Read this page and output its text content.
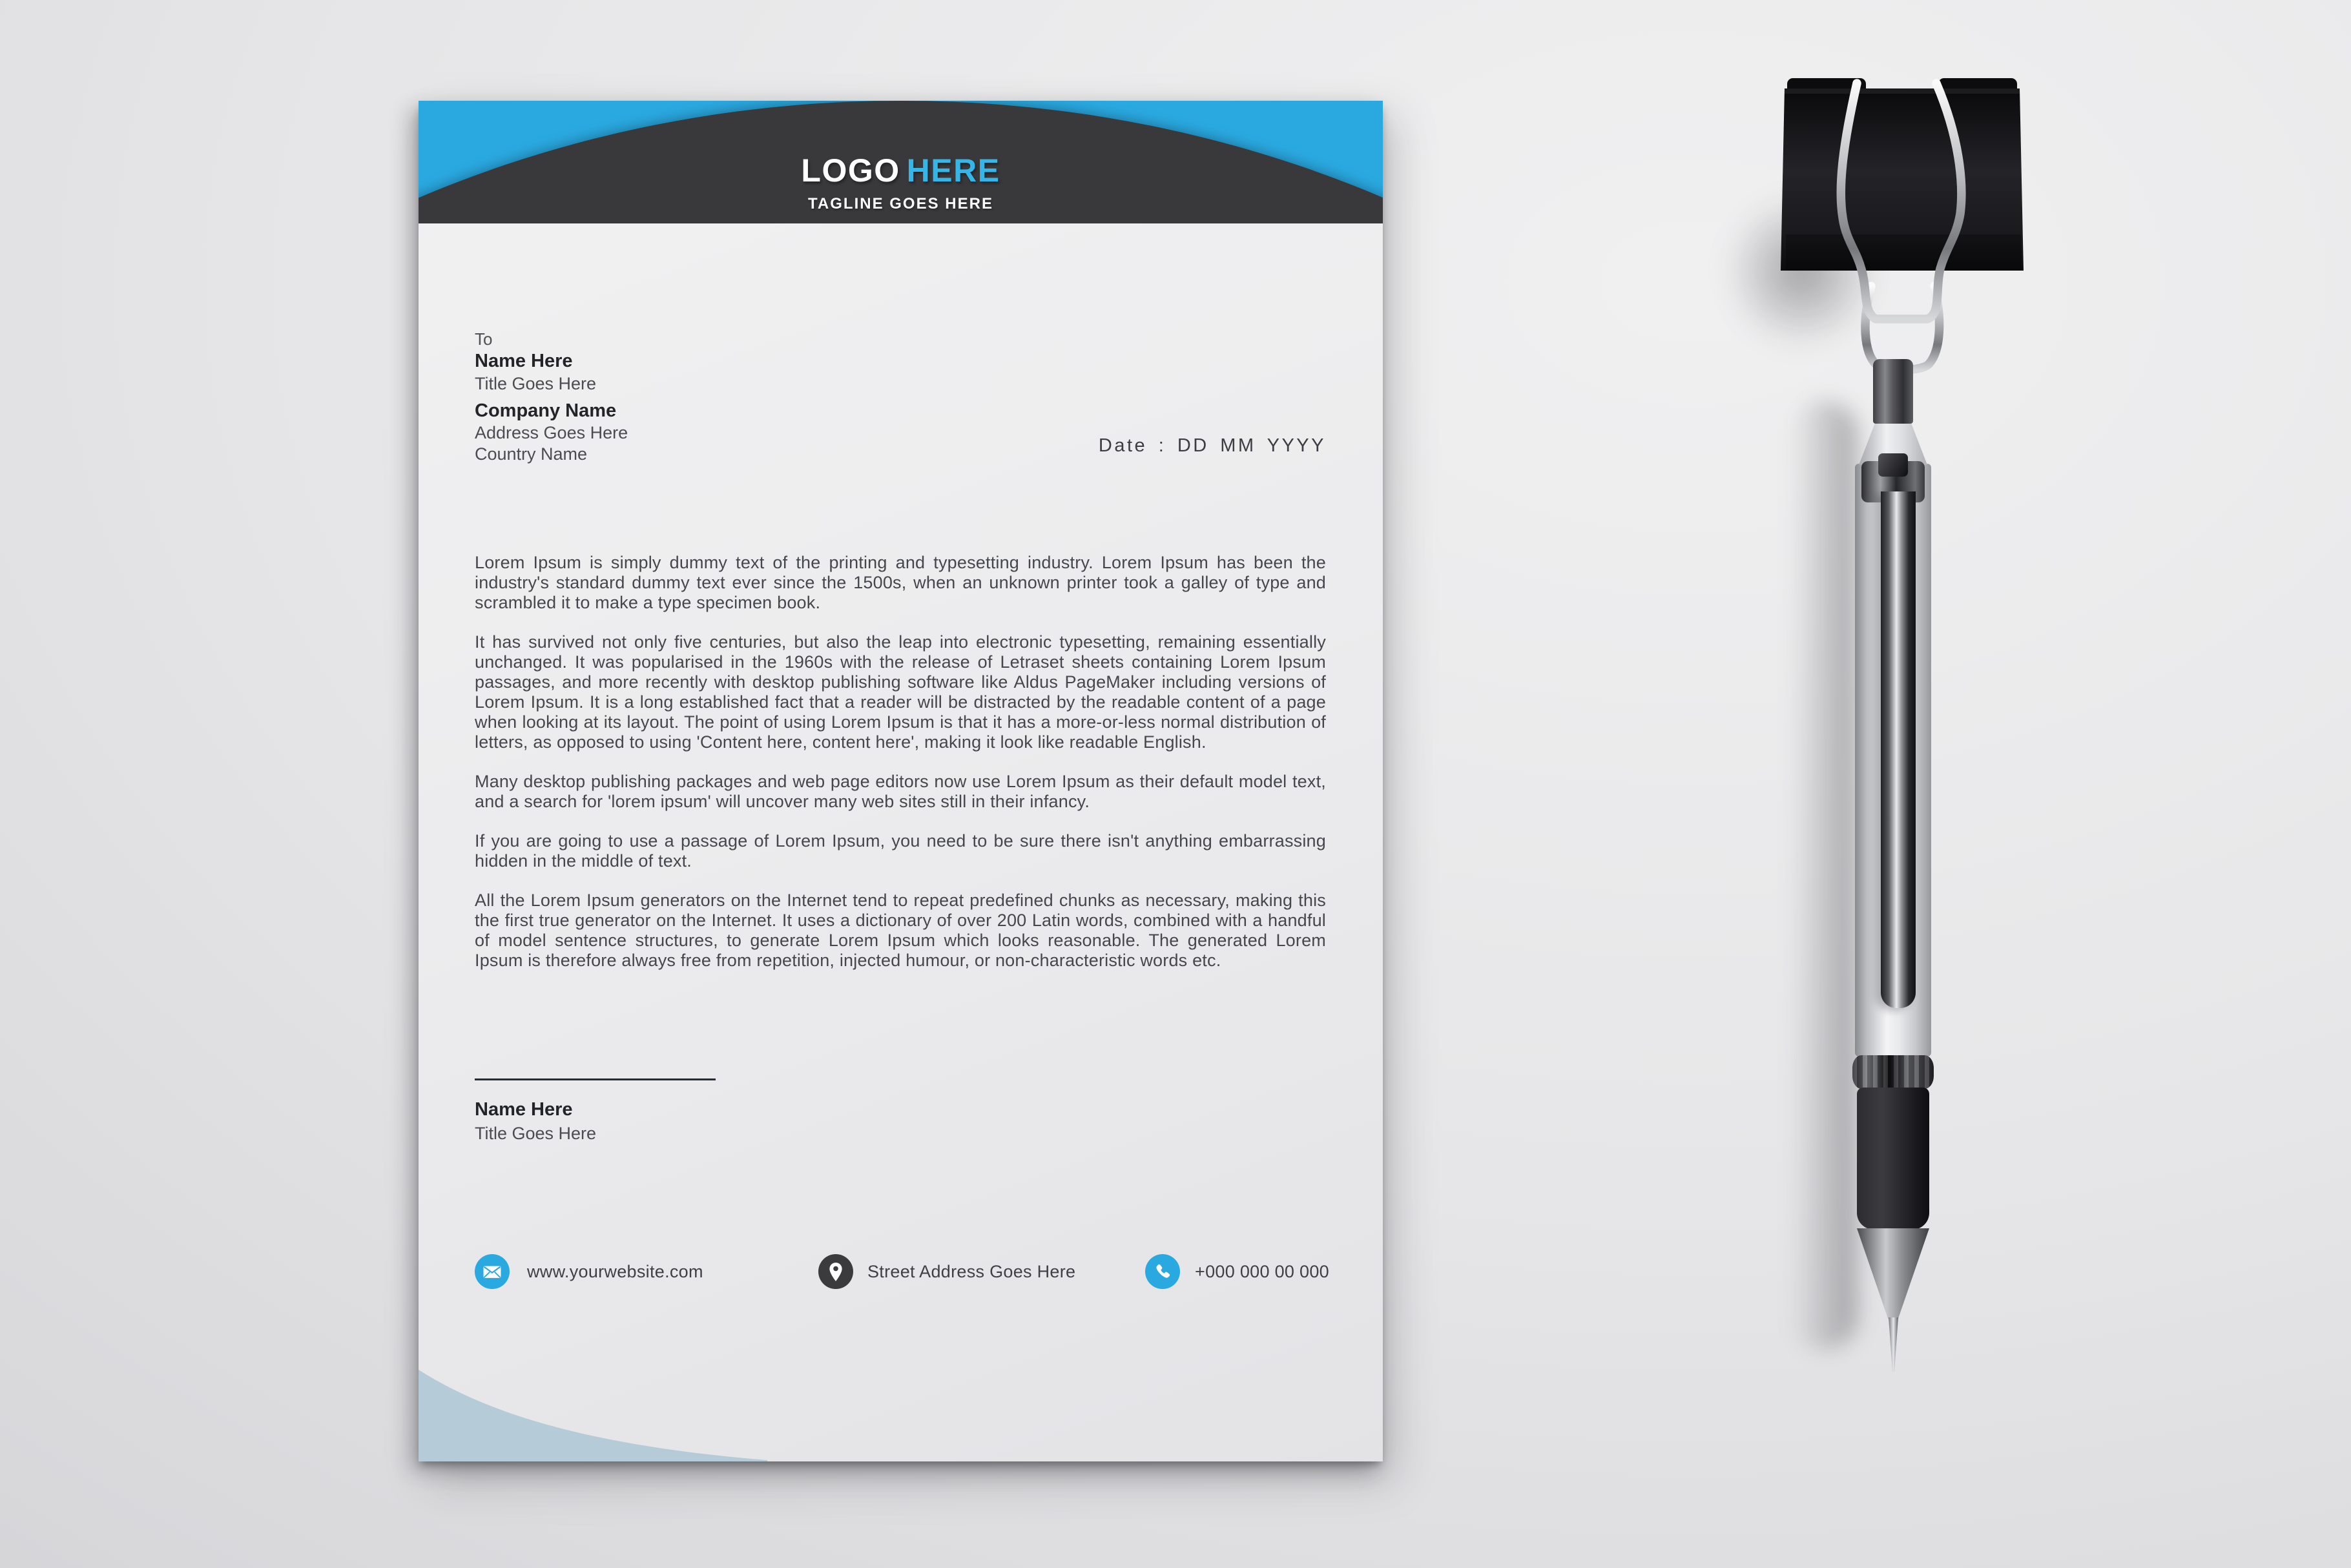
LOGO HERE
TAGLINE GOES HERE
To
Name Here
Title Goes Here
Company Name
Address Goes Here
Country Name	Date : DD MM YYYY

Lorem Ipsum is simply dummy text of the printing and typesetting industry. Lorem Ipsum has been the industry's standard dummy text ever since the 1500s, when an unknown printer took a galley of type and scrambled it to make a type specimen book.

It has survived not only five centuries, but also the leap into electronic typesetting, remaining essentially unchanged. It was popularised in the 1960s with the release of Letraset sheets containing Lorem Ipsum passages, and more recently with desktop publishing software like Aldus PageMaker including versions of Lorem Ipsum. It is a long established fact that a reader will be distracted by the readable content of a page when looking at its layout. The point of using Lorem Ipsum is that it has a more-or-less normal distribution of letters, as opposed to using 'Content here, content here', making it look like readable English.

Many desktop publishing packages and web page editors now use Lorem Ipsum as their default model text, and a search for 'lorem ipsum' will uncover many web sites still in their infancy.

If you are going to use a passage of Lorem Ipsum, you need to be sure there isn't anything embarrassing hidden in the middle of text.

All the Lorem Ipsum generators on the Internet tend to repeat predefined chunks as necessary, making this the first true generator on the Internet. It uses a dictionary of over 200 Latin words, combined with a handful of model sentence structures, to generate Lorem Ipsum which looks reasonable. The generated Lorem Ipsum is therefore always free from repetition, injected humour, or non-characteristic words etc.

Name Here
Title Goes Here
www.yourwebsite.com	Street Address Goes Here	+000 000 00 000
